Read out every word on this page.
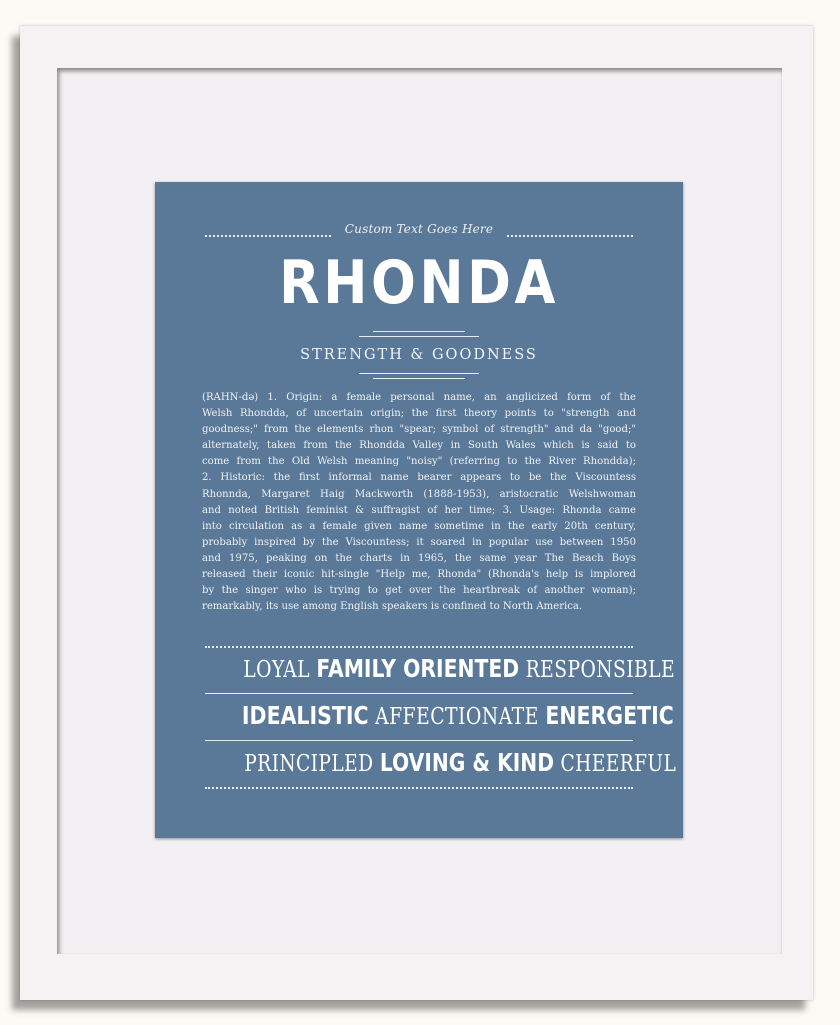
Custom Text Goes Here
RHONDA
STRENGTH & GOODNESS
(RAHN-də) 1. Origin: a female personal name, an anglicized form of the
Welsh Rhondda, of uncertain origin; the first theory points to "strength and
goodness;" from the elements rhon "spear; symbol of strength" and da "good;"
alternately, taken from the Rhondda Valley in South Wales which is said to
come from the Old Welsh meaning "noisy" (referring to the River Rhondda);
2. Historic: the first informal name bearer appears to be the Viscountess
Rhonnda, Margaret Haig Mackworth (1888-1953), aristocratic Welshwoman
and noted British feminist & suffragist of her time; 3. Usage: Rhonda came
into circulation as a female given name sometime in the early 20th century,
probably inspired by the Viscountess; it soared in popular use between 1950
and 1975, peaking on the charts in 1965, the same year The Beach Boys
released their iconic hit-single "Help me, Rhonda" (Rhonda's help is implored
by the singer who is trying to get over the heartbreak of another woman);
remarkably, its use among English speakers is confined to North America.
LOYAL FAMILY ORIENTED RESPONSIBLE
IDEALISTIC AFFECTIONATE ENERGETIC
PRINCIPLED LOVING & KIND CHEERFUL
